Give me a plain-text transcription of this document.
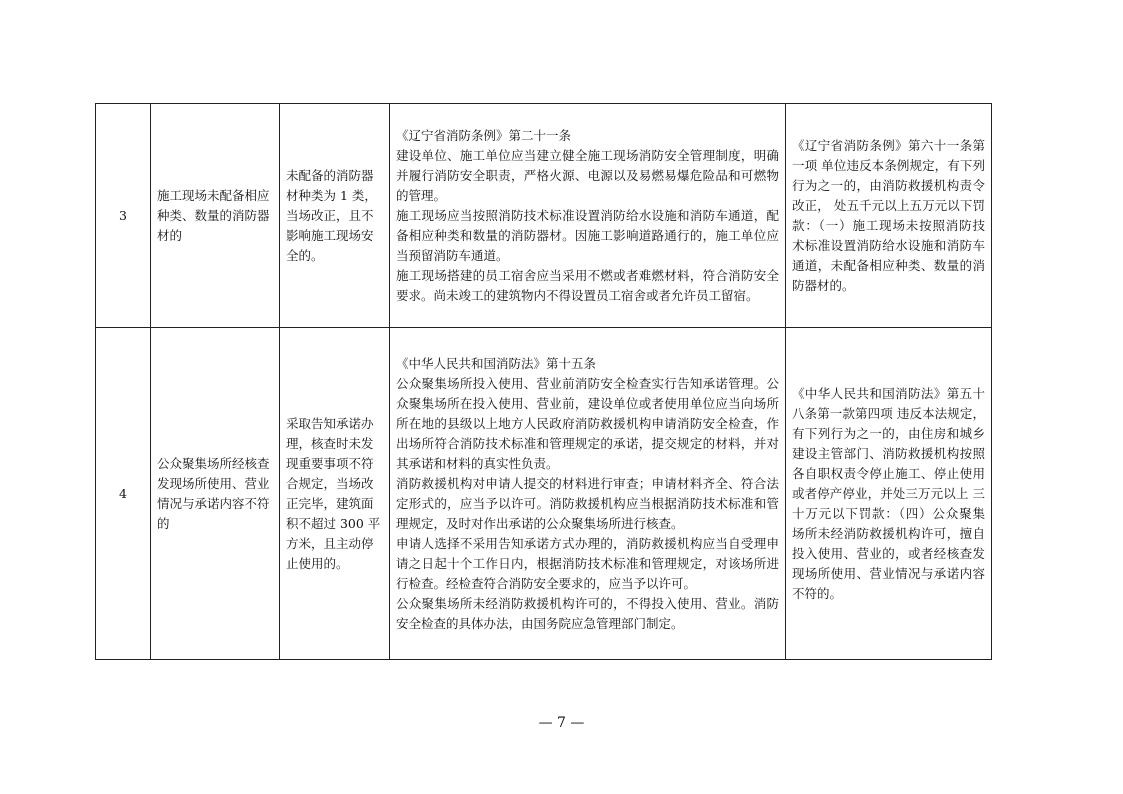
3	施工现场未配备相应种类、数量的消防器材的	未配备的消防器材种类为 1 类，当场改正，且不影响施工现场安全的。	《辽宁省消防条例》第二十一条
建设单位、施工单位应当建立健全施工现场消防安全管理制度，明确并履行消防安全职责，严格火源、电源以及易燃易爆危险品和可燃物的管理。
施工现场应当按照消防技术标准设置消防给水设施和消防车通道，配备相应种类和数量的消防器材。因施工影响道路通行的，施工单位应当预留消防车通道。
施工现场搭建的员工宿舍应当采用不燃或者难燃材料，符合消防安全要求。尚未竣工的建筑物内不得设置员工宿舍或者允许员工留宿。	《辽宁省消防条例》第六十一条第一项 单位违反本条例规定，有下列行为之一的，由消防救援机构责令改正， 处五千元以上五万元以下罚款：（一）施工现场未按照消防技术标准设置消防给水设施和消防车通道，未配备相应种类、数量的消防器材的。
4	公众聚集场所经核查发现场所使用、营业情况与承诺内容不符的	采取告知承诺办理，核查时未发现重要事项不符合规定，当场改正完毕，建筑面积不超过 300 平方米，且主动停止使用的。	《中华人民共和国消防法》第十五条
公众聚集场所投入使用、营业前消防安全检查实行告知承诺管理。公众聚集场所在投入使用、营业前，建设单位或者使用单位应当向场所所在地的县级以上地方人民政府消防救援机构申请消防安全检查，作出场所符合消防技术标准和管理规定的承诺，提交规定的材料，并对其承诺和材料的真实性负责。
消防救援机构对申请人提交的材料进行审查；申请材料齐全、符合法定形式的，应当予以许可。消防救援机构应当根据消防技术标准和管理规定，及时对作出承诺的公众聚集场所进行核查。
申请人选择不采用告知承诺方式办理的，消防救援机构应当自受理申请之日起十个工作日内，根据消防技术标准和管理规定，对该场所进行检查。经检查符合消防安全要求的，应当予以许可。
公众聚集场所未经消防救援机构许可的，不得投入使用、营业。消防安全检查的具体办法，由国务院应急管理部门制定。	《中华人民共和国消防法》第五十八条第一款第四项 违反本法规定，有下列行为之一的，由住房和城乡建设主管部门、消防救援机构按照各自职权责令停止施工、停止使用或者停产停业，并处三万元以上 三十万元以下罚款：（四）公众聚集场所未经消防救援机构许可，擅自投入使用、营业的，或者经核查发现场所使用、营业情况与承诺内容不符的。
— 7 —
